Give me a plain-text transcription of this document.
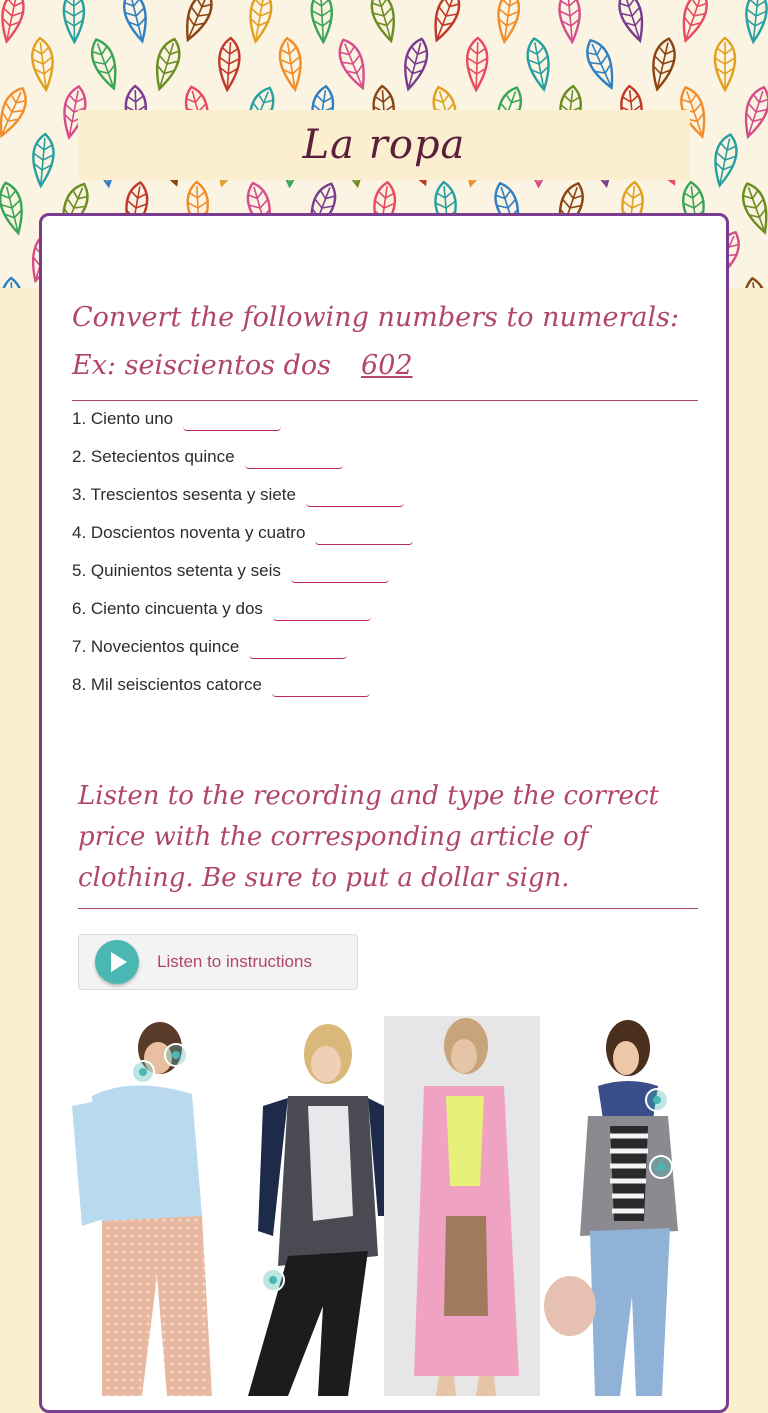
La ropa
Convert the following numbers to numerals:
Ex: seiscientos dos 602
1. Ciento uno
2. Setecientos quince
3. Trescientos sesenta y siete
4. Doscientos noventa y cuatro
5. Quinientos setenta y seis
6. Ciento cincuenta y dos
7. Novecientos quince
8. Mil seiscientos catorce
Listen to the recording and type the correct price with the corresponding article of clothing. Be sure to put a dollar sign.
Listen to instructions
